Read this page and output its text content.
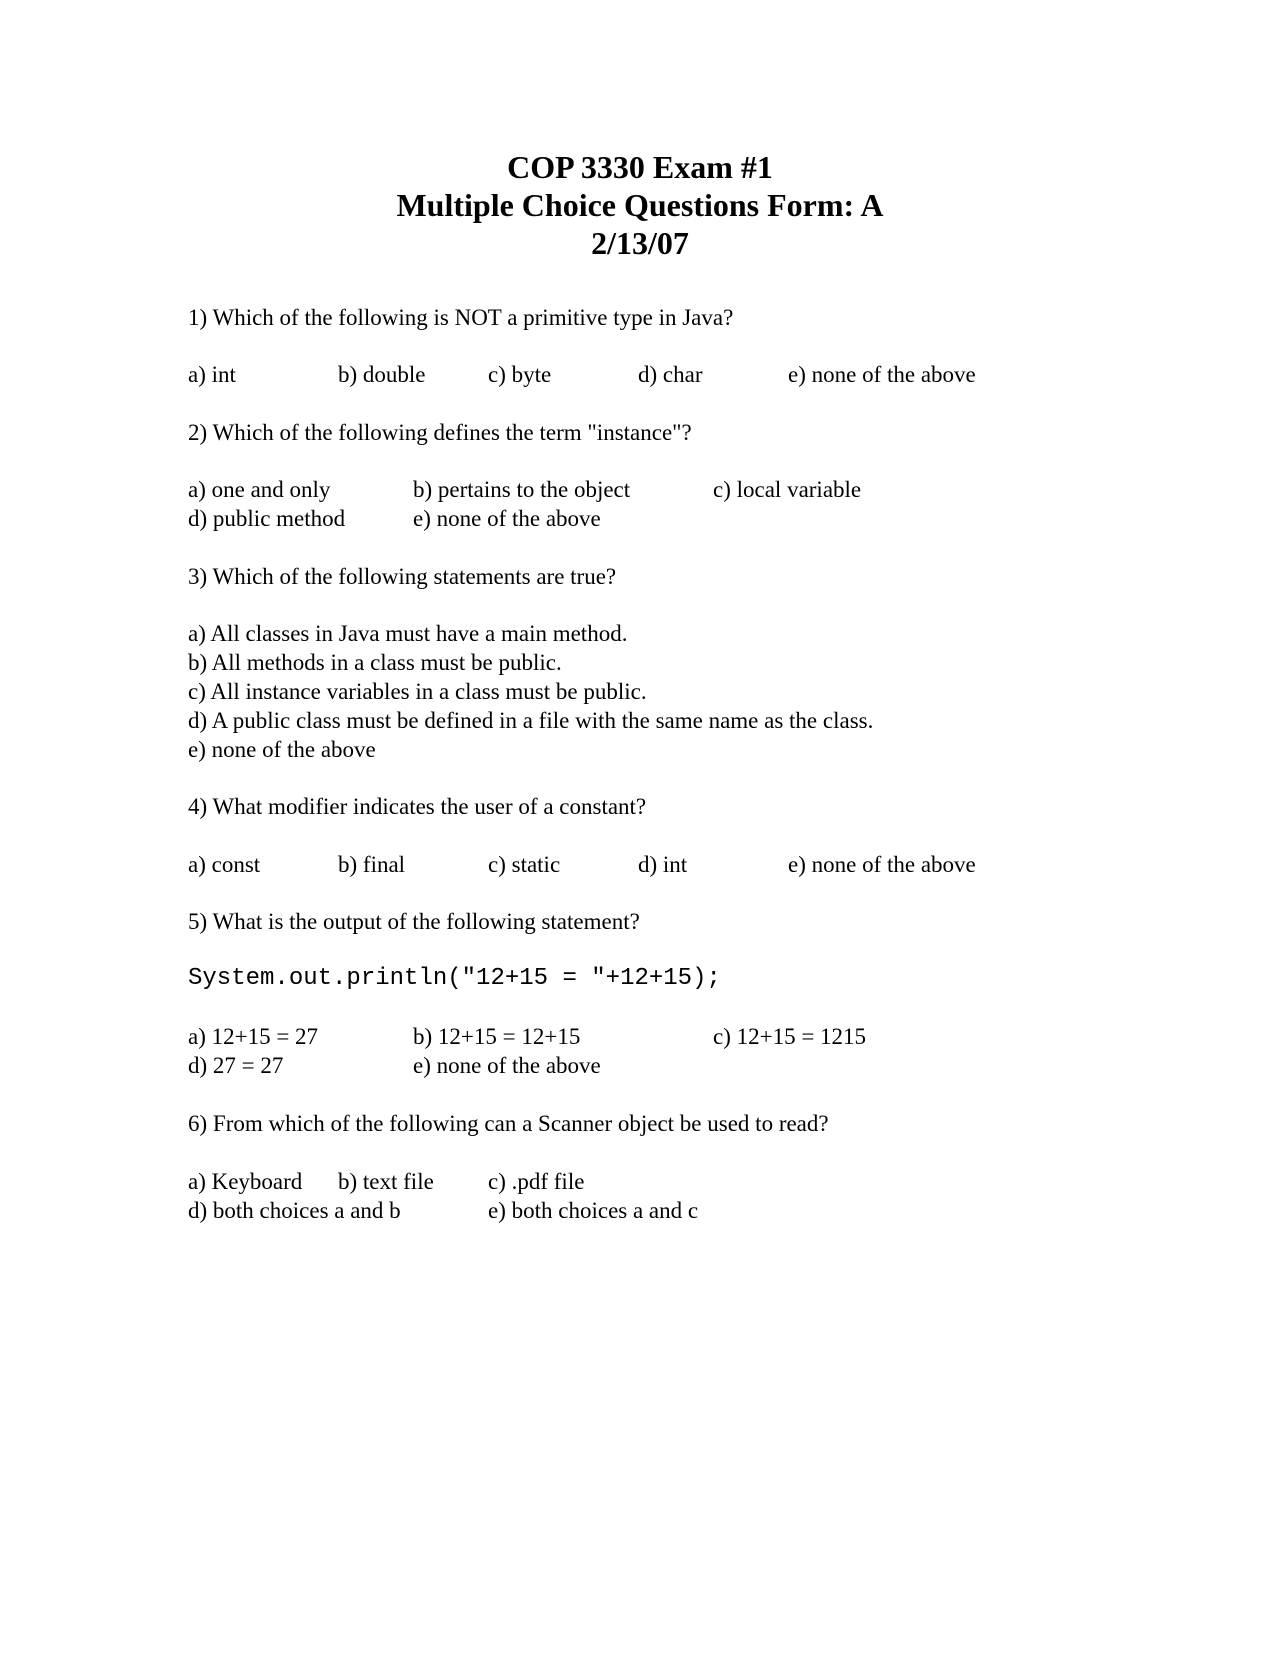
COP 3330 Exam #1
Multiple Choice Questions Form: A
2/13/07
1) Which of the following is NOT a primitive type in Java?
a) int	b) double	c) byte	d) char	e) none of the above
2) Which of the following defines the term "instance"?
a) one and only	b) pertains to the object	c) local variable
d) public method	e) none of the above
3) Which of the following statements are true?
a) All classes in Java must have a main method.
b) All methods in a class must be public.
c) All instance variables in a class must be public.
d) A public class must be defined in a file with the same name as the class.
e) none of the above
4) What modifier indicates the user of a constant?
a) const	b) final	c) static	d) int	e) none of the above
5) What is the output of the following statement?
System.out.println("12+15 = "+12+15);
a) 12+15 = 27	b) 12+15 = 12+15	c) 12+15 = 1215
d) 27 = 27	e) none of the above
6) From which of the following can a Scanner object be used to read?
a) Keyboard b) text file c) .pdf file
d) both choices a and b	e) both choices a and c
